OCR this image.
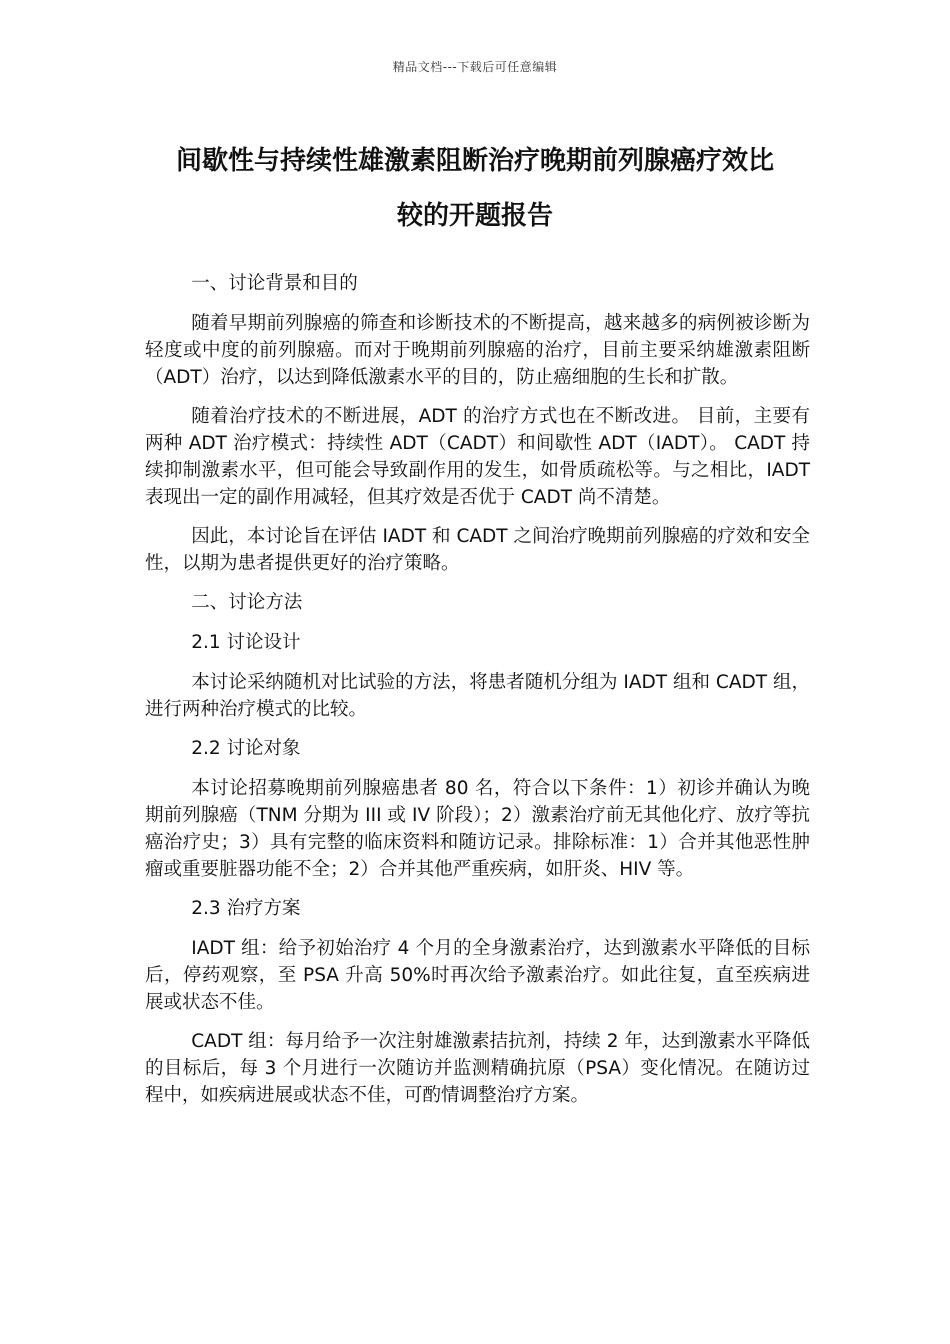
精品文档---下载后可任意编辑
间歇性与持续性雄激素阻断治疗晚期前列腺癌疗效比
较的开题报告

一、讨论背景和目的

随着早期前列腺癌的筛查和诊断技术的不断提高，越来越多的病例被诊断为轻度或中度的前列腺癌。而对于晚期前列腺癌的治疗，目前主要采纳雄激素阻断（ADT）治疗，以达到降低激素水平的目的，防止癌细胞的生长和扩散。

随着治疗技术的不断进展，ADT 的治疗方式也在不断改进。 目前，主要有两种 ADT 治疗模式：持续性 ADT（CADT）和间歇性 ADT（IADT）。 CADT 持续抑制激素水平，但可能会导致副作用的发生，如骨质疏松等。与之相比，IADT 表现出一定的副作用减轻，但其疗效是否优于 CADT 尚不清楚。

因此，本讨论旨在评估 IADT 和 CADT 之间治疗晚期前列腺癌的疗效和安全性，以期为患者提供更好的治疗策略。

二、讨论方法

2.1 讨论设计

本讨论采纳随机对比试验的方法，将患者随机分组为 IADT 组和 CADT 组，进行两种治疗模式的比较。

2.2 讨论对象

本讨论招募晚期前列腺癌患者 80 名，符合以下条件：1）初诊并确认为晚期前列腺癌（TNM 分期为 III 或 IV 阶段）；2）激素治疗前无其他化疗、放疗等抗癌治疗史；3）具有完整的临床资料和随访记录。排除标准：1）合并其他恶性肿瘤或重要脏器功能不全；2）合并其他严重疾病，如肝炎、HIV 等。

2.3 治疗方案

IADT 组：给予初始治疗 4 个月的全身激素治疗，达到激素水平降低的目标后，停药观察，至 PSA 升高 50%时再次给予激素治疗。如此往复，直至疾病进展或状态不佳。

CADT 组：每月给予一次注射雄激素拮抗剂，持续 2 年，达到激素水平降低的目标后，每 3 个月进行一次随访并监测精确抗原（PSA）变化情况。在随访过程中，如疾病进展或状态不佳，可酌情调整治疗方案。
